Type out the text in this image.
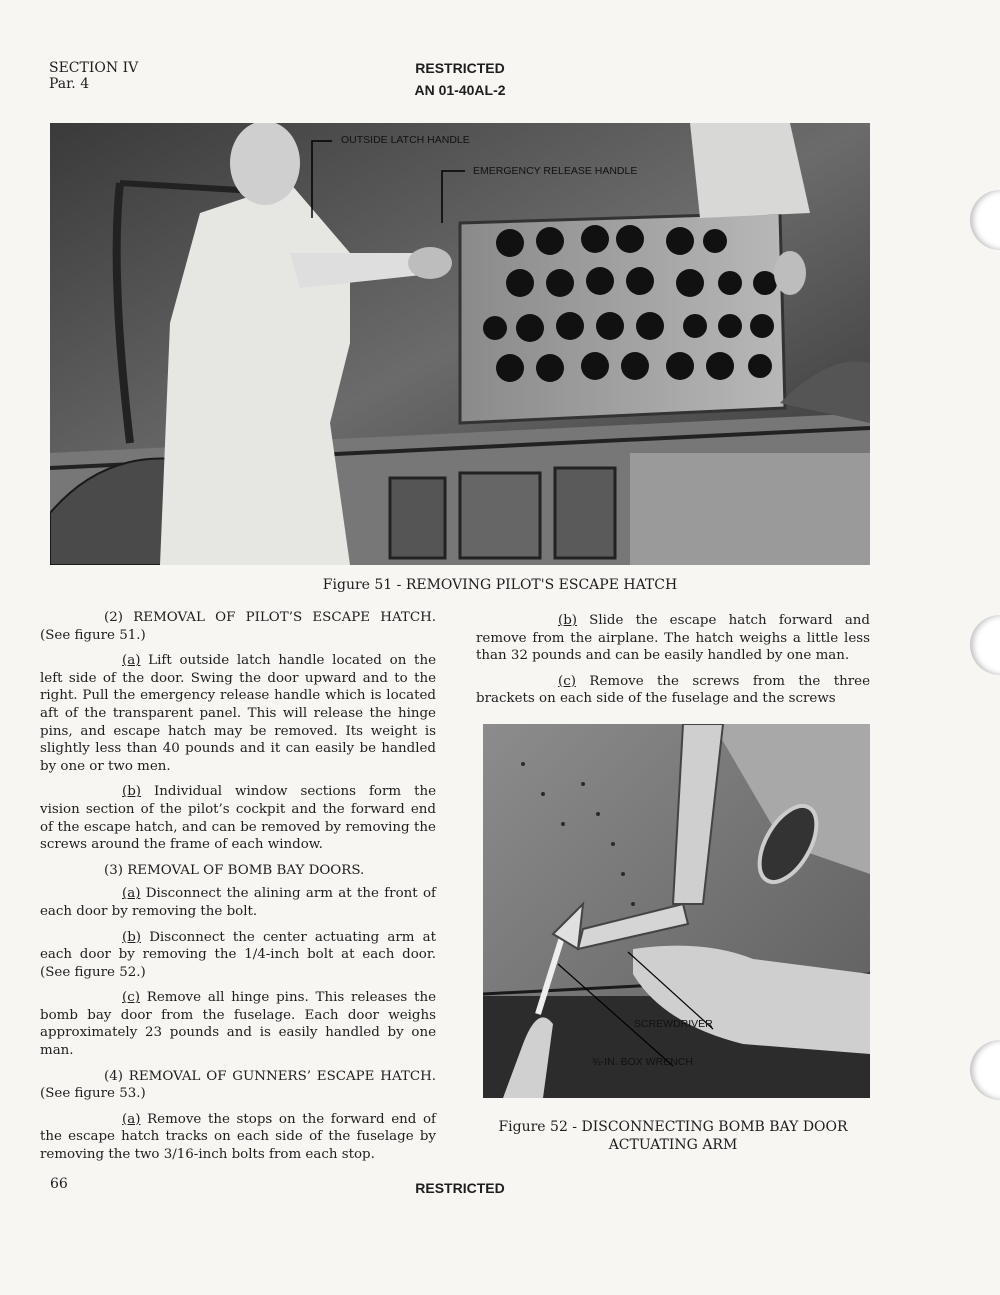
SECTION IV
Par. 4
RESTRICTED
AN 01-40AL-2
OUTSIDE LATCH HANDLE
EMERGENCY RELEASE HANDLE
Figure 51 - REMOVING PILOT'S ESCAPE HATCH

(2) REMOVAL OF PILOT’S ESCAPE HATCH. (See figure 51.)

(a) Lift outside latch handle located on the left side of the door. Swing the door upward and to the right. Pull the emergency release handle which is located aft of the transparent panel. This will release the hinge pins, and escape hatch may be removed. Its weight is slightly less than 40 pounds and it can easily be handled by one or two men.

(b) Individual window sections form the vision section of the pilot’s cockpit and the forward end of the escape hatch, and can be removed by removing the screws around the frame of each window.

(3) REMOVAL OF BOMB BAY DOORS.

(a) Disconnect the alining arm at the front of each door by removing the bolt.

(b) Disconnect the center actuating arm at each door by removing the 1/4-inch bolt at each door. (See figure 52.)

(c) Remove all hinge pins. This releases the bomb bay door from the fuselage. Each door weighs approximately 23 pounds and is easily handled by one man.

(4) REMOVAL OF GUNNERS’ ESCAPE HATCH. (See figure 53.)

(a) Remove the stops on the forward end of the escape hatch tracks on each side of the fuselage by removing the two 3/16-inch bolts from each stop.

(b) Slide the escape hatch forward and remove from the airplane. The hatch weighs a little less than 32 pounds and can be easily handled by one man.

(c) Remove the screws from the three brackets on each side of the fuselage and the screws

SCREWDRIVER
¾-IN. BOX WRENCH
Figure 52 - DISCONNECTING BOMB BAY DOOR
ACTUATING ARM
66	RESTRICTED
